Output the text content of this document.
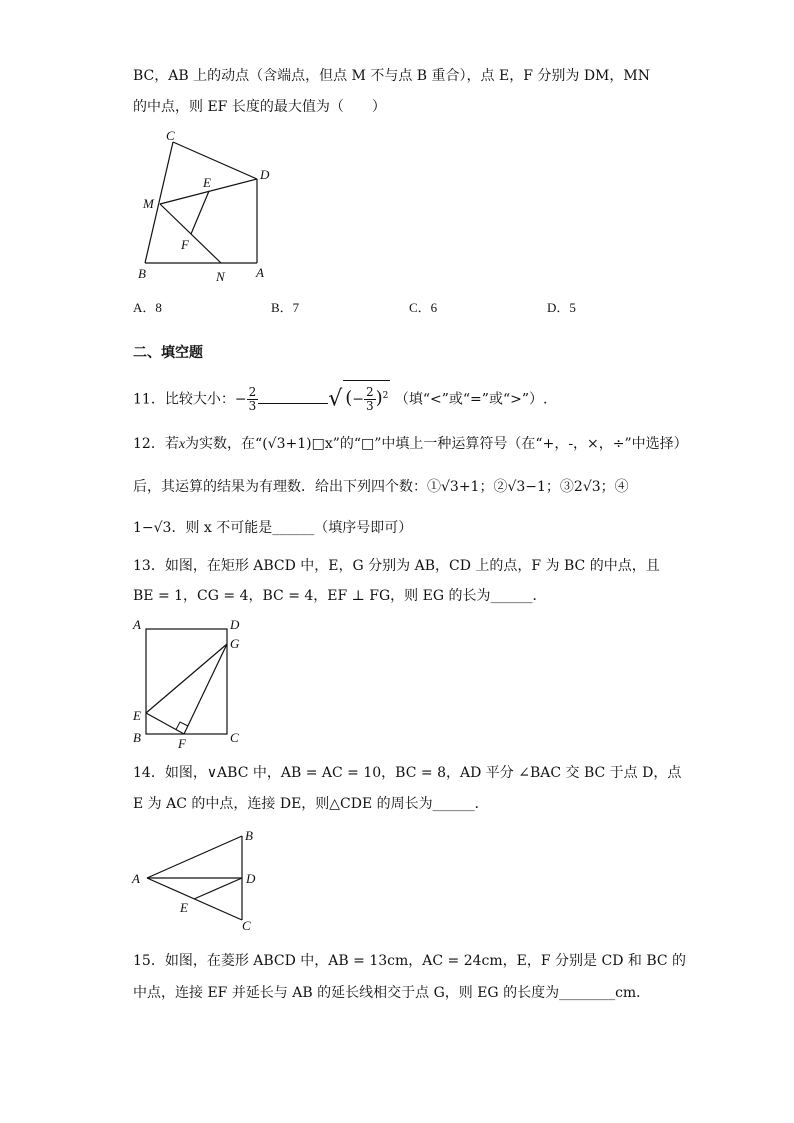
BC，AB 上的动点（含端点，但点 M 不与点 B 重合），点 E，F 分别为 DM，MN
的中点，则 EF 长度的最大值为（　　）
C
D
E
M
F
B	N A
A．8	B．7	C．6	D．5
二、填空题
11．比较大小：− $\frac{2}{3}$	√ (− $\frac{2}{3} )^2$ （填“<”或“=”或“>”）.
12．若x为实数，在“(√3+1)□x”的“□”中填上一种运算符号（在“+，-，×，÷”中选择）
后，其运算的结果为有理数．给出下列四个数：①√3+1；②√3−1；③2√3；④
1−√3．则 x 不可能是______（填序号即可）
13．如图，在矩形 ABCD 中，E，G 分别为 AB，CD 上的点，F 为 BC 的中点，且
BE = 1，CG = 4，BC = 4，EF ⊥ FG，则 EG 的长为______．
A	D
G
E
B	F	C
14．如图，∨ABC 中，AB = AC = 10，BC = 8，AD 平分 ∠BAC 交 BC 于点 D，点
E 为 AC 的中点，连接 DE，则△CDE 的周长为______．
B
A	D
E
C
15．如图，在菱形 ABCD 中，AB = 13cm，AC = 24cm，E，F 分别是 CD 和 BC 的
中点，连接 EF 并延长与 AB 的延长线相交于点 G，则 EG 的长度为________cm．
